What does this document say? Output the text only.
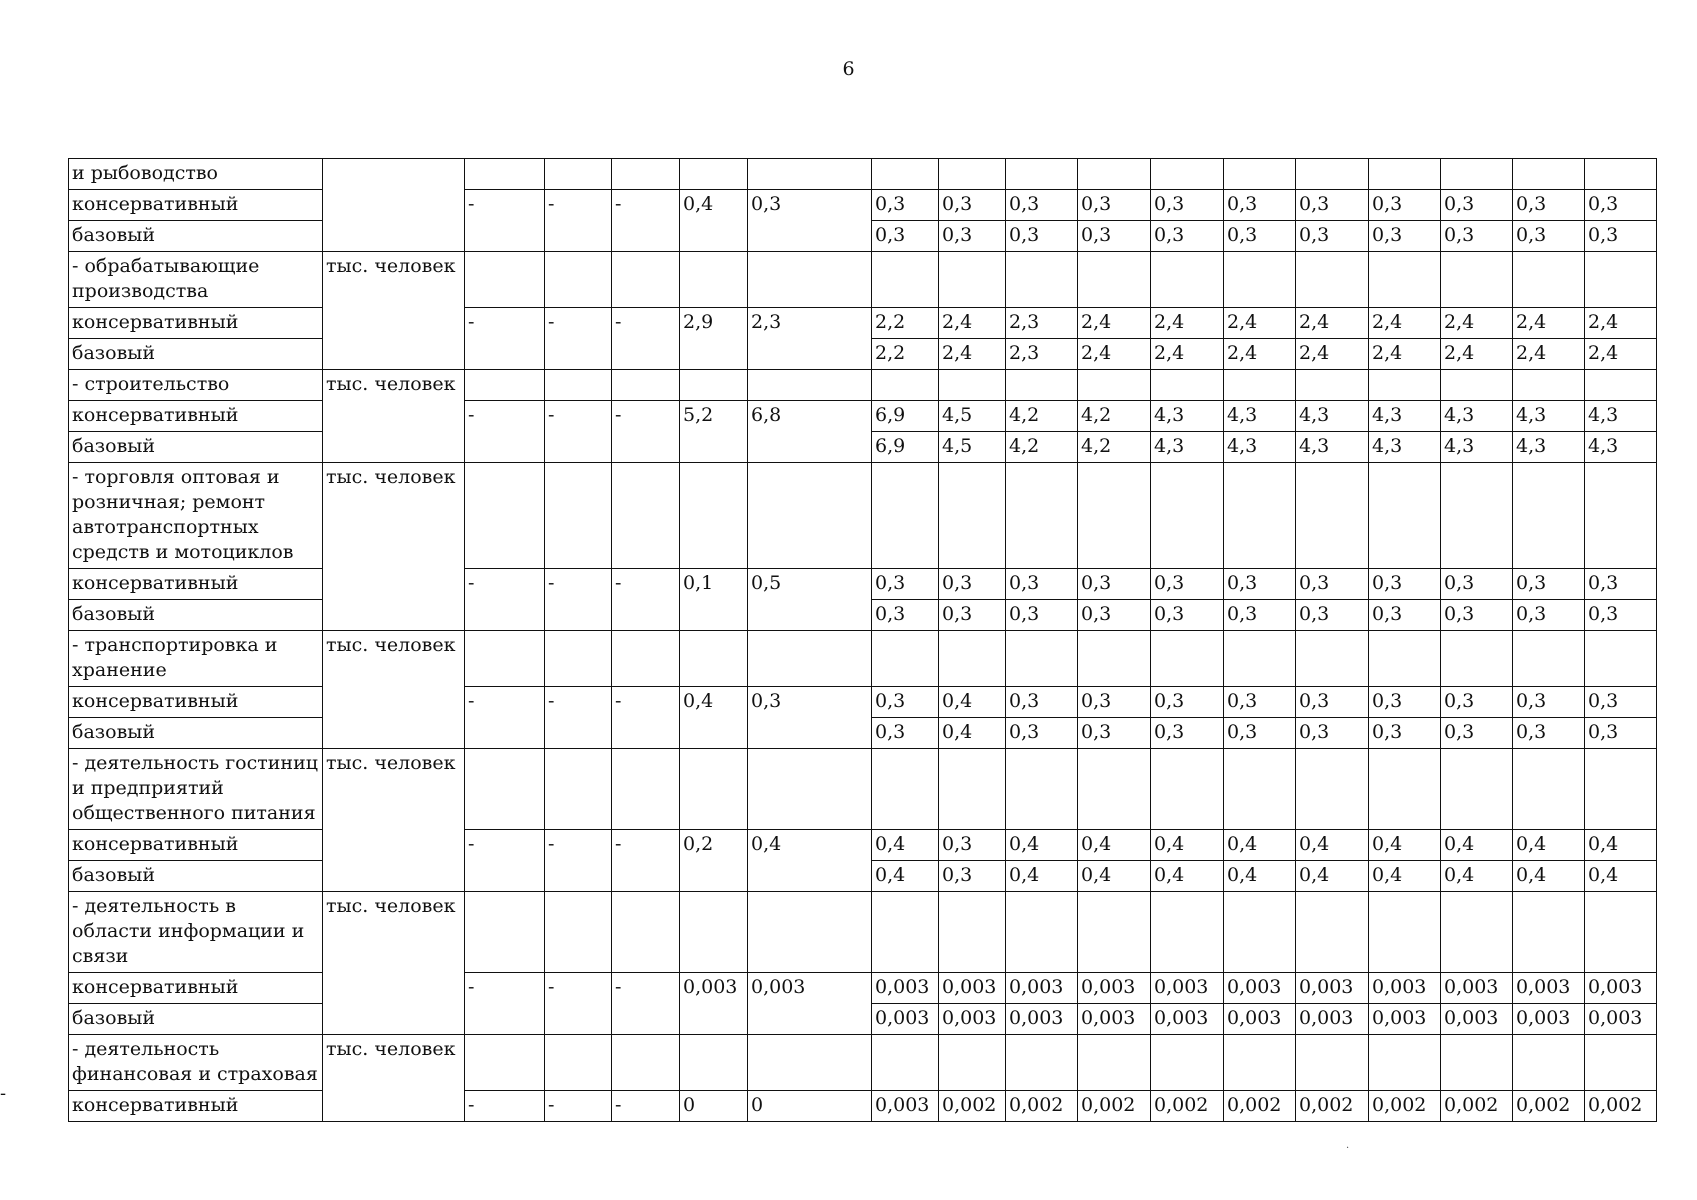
6
-
·
и рыбоводство																	
консервативный		-	-	-	0,4	0,3	0,3	0,3	0,3	0,3	0,3	0,3	0,3	0,3	0,3	0,3	0,3
базовый							0,3	0,3	0,3	0,3	0,3	0,3	0,3	0,3	0,3	0,3	0,3
- обрабатывающие производства	тыс. человек																
консервативный		-	-	-	2,9	2,3	2,2	2,4	2,3	2,4	2,4	2,4	2,4	2,4	2,4	2,4	2,4
базовый							2,2	2,4	2,3	2,4	2,4	2,4	2,4	2,4	2,4	2,4	2,4
- строительство	тыс. человек																
консервативный		-	-	-	5,2	6,8	6,9	4,5	4,2	4,2	4,3	4,3	4,3	4,3	4,3	4,3	4,3
базовый							6,9	4,5	4,2	4,2	4,3	4,3	4,3	4,3	4,3	4,3	4,3
- торговля оптовая и розничная; ремонт автотранспортных средств и мотоциклов	тыс. человек																
консервативный		-	-	-	0,1	0,5	0,3	0,3	0,3	0,3	0,3	0,3	0,3	0,3	0,3	0,3	0,3
базовый							0,3	0,3	0,3	0,3	0,3	0,3	0,3	0,3	0,3	0,3	0,3
- транспортировка и хранение	тыс. человек																
консервативный		-	-	-	0,4	0,3	0,3	0,4	0,3	0,3	0,3	0,3	0,3	0,3	0,3	0,3	0,3
базовый							0,3	0,4	0,3	0,3	0,3	0,3	0,3	0,3	0,3	0,3	0,3
- деятельность гостиниц и предприятий общественного питания	тыс. человек																
консервативный		-	-	-	0,2	0,4	0,4	0,3	0,4	0,4	0,4	0,4	0,4	0,4	0,4	0,4	0,4
базовый							0,4	0,3	0,4	0,4	0,4	0,4	0,4	0,4	0,4	0,4	0,4
- деятельность в области информации и связи	тыс. человек																
консервативный		-	-	-	0,003	0,003	0,003	0,003	0,003	0,003	0,003	0,003	0,003	0,003	0,003	0,003	0,003
базовый							0,003	0,003	0,003	0,003	0,003	0,003	0,003	0,003	0,003	0,003	0,003
- деятельность финансовая и страховая	тыс. человек																
консервативный		-	-	-	0	0	0,003	0,002	0,002	0,002	0,002	0,002	0,002	0,002	0,002	0,002	0,002
